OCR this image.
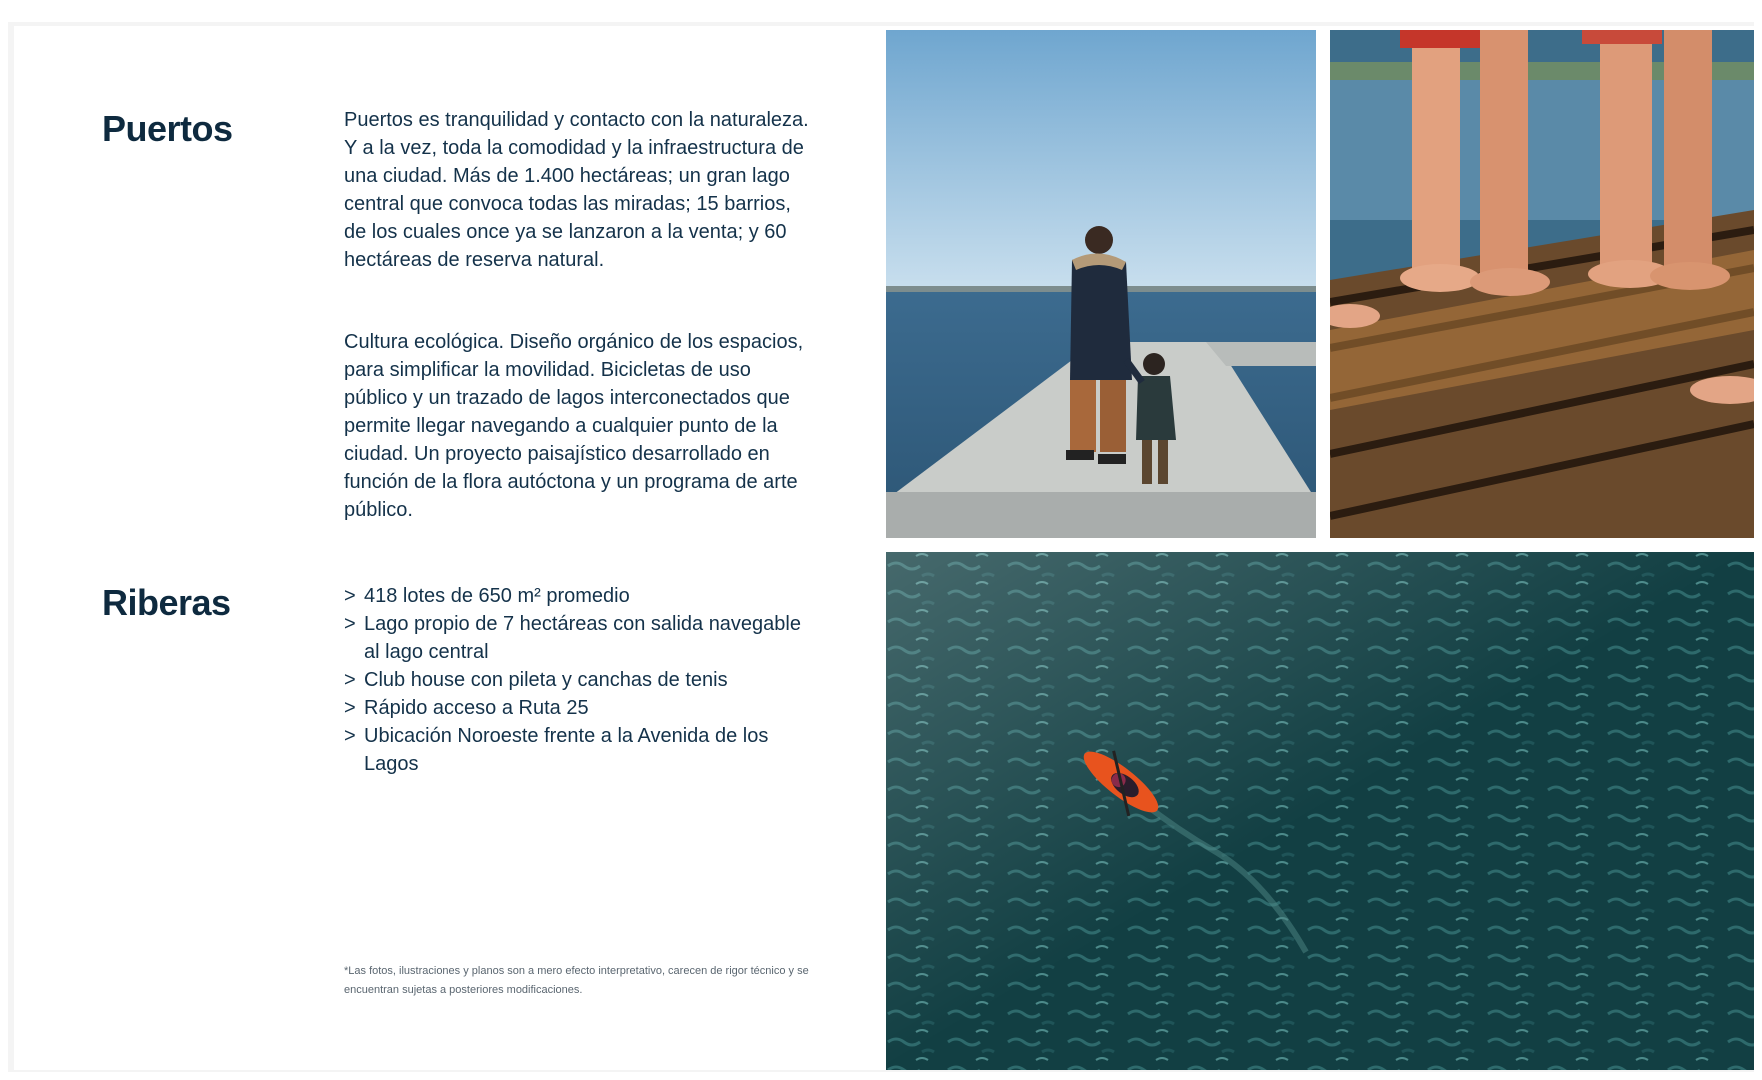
Puertos	Puertos es tranquilidad y contacto con la naturaleza. Y a la vez, toda la comodidad y la infraestructura de una ciudad. Más de 1.400 hectáreas; un gran lago central que convoca todas las miradas; 15 barrios, de los cuales once ya se lanzaron a la venta; y 60 hectáreas de reserva natural.
Cultura ecológica. Diseño orgánico de los espacios, para simplificar la movilidad. Bicicletas de uso público y un trazado de lagos interconectados que permite llegar navegando a cualquier punto de la ciudad. Un proyecto paisajístico desarrollado en función de la flora autóctona y un programa de arte público.
Riberas	> 418 lotes de 650 m² promedio
> Lago propio de 7 hectáreas con salida navegable al lago central
> Club house con pileta y canchas de tenis
> Rápido acceso a Ruta 25
> Ubicación Noroeste frente a la Avenida de los Lagos
*Las fotos, ilustraciones y planos son a mero efecto interpretativo, carecen de rigor técnico y se encuentran sujetas a posteriores modificaciones.
